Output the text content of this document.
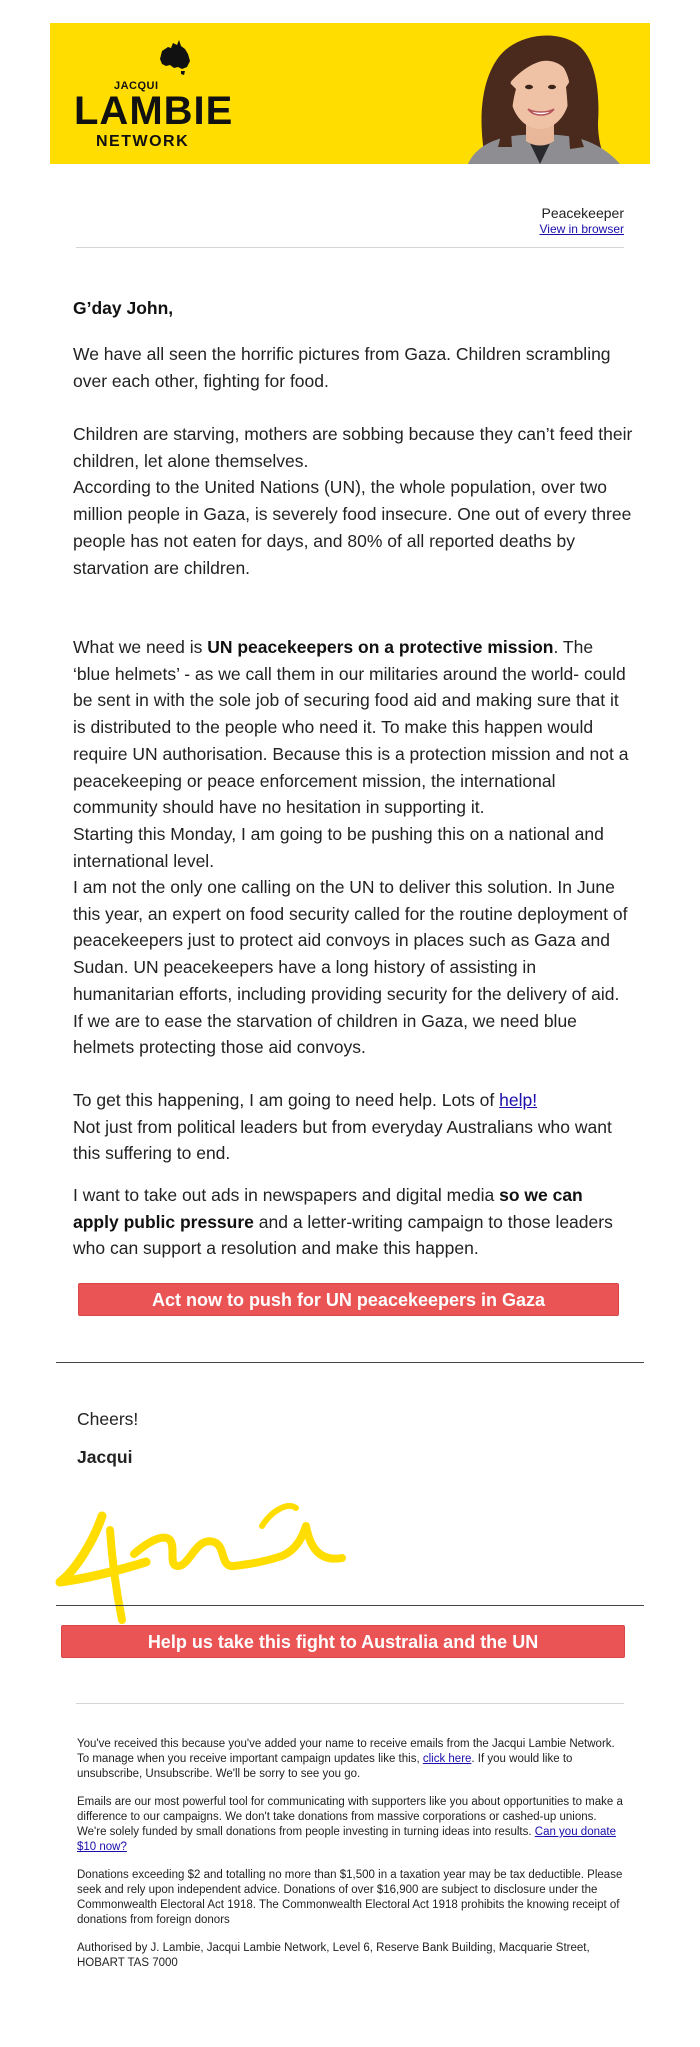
JACQUI
LAMBIE
NETWORK
Peacekeeper
View in browser
G’day John,

We have all seen the horrific pictures from Gaza. Children scrambling over each other, fighting for food.

Children are starving, mothers are sobbing because they can’t feed their children, let alone themselves.

According to the United Nations (UN), the whole population, over two million people in Gaza, is severely food insecure. One out of every three people has not eaten for days, and 80% of all reported deaths by starvation are children.

What we need is UN peacekeepers on a protective mission. The ‘blue helmets’ - as we call them in our militaries around the world- could be sent in with the sole job of securing food aid and making sure that it is distributed to the people who need it. To make this happen would require UN authorisation. Because this is a protection mission and not a peacekeeping or peace enforcement mission, the international community should have no hesitation in supporting it.

Starting this Monday, I am going to be pushing this on a national and international level.

I am not the only one calling on the UN to deliver this solution. In June this year, an expert on food security called for the routine deployment of peacekeepers just to protect aid convoys in places such as Gaza and Sudan. UN peacekeepers have a long history of assisting in humanitarian efforts, including providing security for the delivery of aid. If we are to ease the starvation of children in Gaza, we need blue helmets protecting those aid convoys.

To get this happening, I am going to need help. Lots of help!

Not just from political leaders but from everyday Australians who want this suffering to end.

I want to take out ads in newspapers and digital media so we can apply public pressure and a letter-writing campaign to those leaders who can support a resolution and make this happen.

Act now to push for UN peacekeepers in Gaza
Cheers!
Jacqui
Help us take this fight to Australia and the UN

You've received this because you've added your name to receive emails from the Jacqui Lambie Network. To manage when you receive important campaign updates like this, click here. If you would like to unsubscribe, Unsubscribe. We'll be sorry to see you go.

Emails are our most powerful tool for communicating with supporters like you about opportunities to make a difference to our campaigns. We don't take donations from massive corporations or cashed-up unions. We're solely funded by small donations from people investing in turning ideas into results. Can you donate $10 now?

Donations exceeding $2 and totalling no more than $1,500 in a taxation year may be tax deductible. Please seek and rely upon independent advice. Donations of over $16,900 are subject to disclosure under the Commonwealth Electoral Act 1918. The Commonwealth Electoral Act 1918 prohibits the knowing receipt of donations from foreign donors

Authorised by J. Lambie, Jacqui Lambie Network, Level 6, Reserve Bank Building, Macquarie Street, HOBART TAS 7000
